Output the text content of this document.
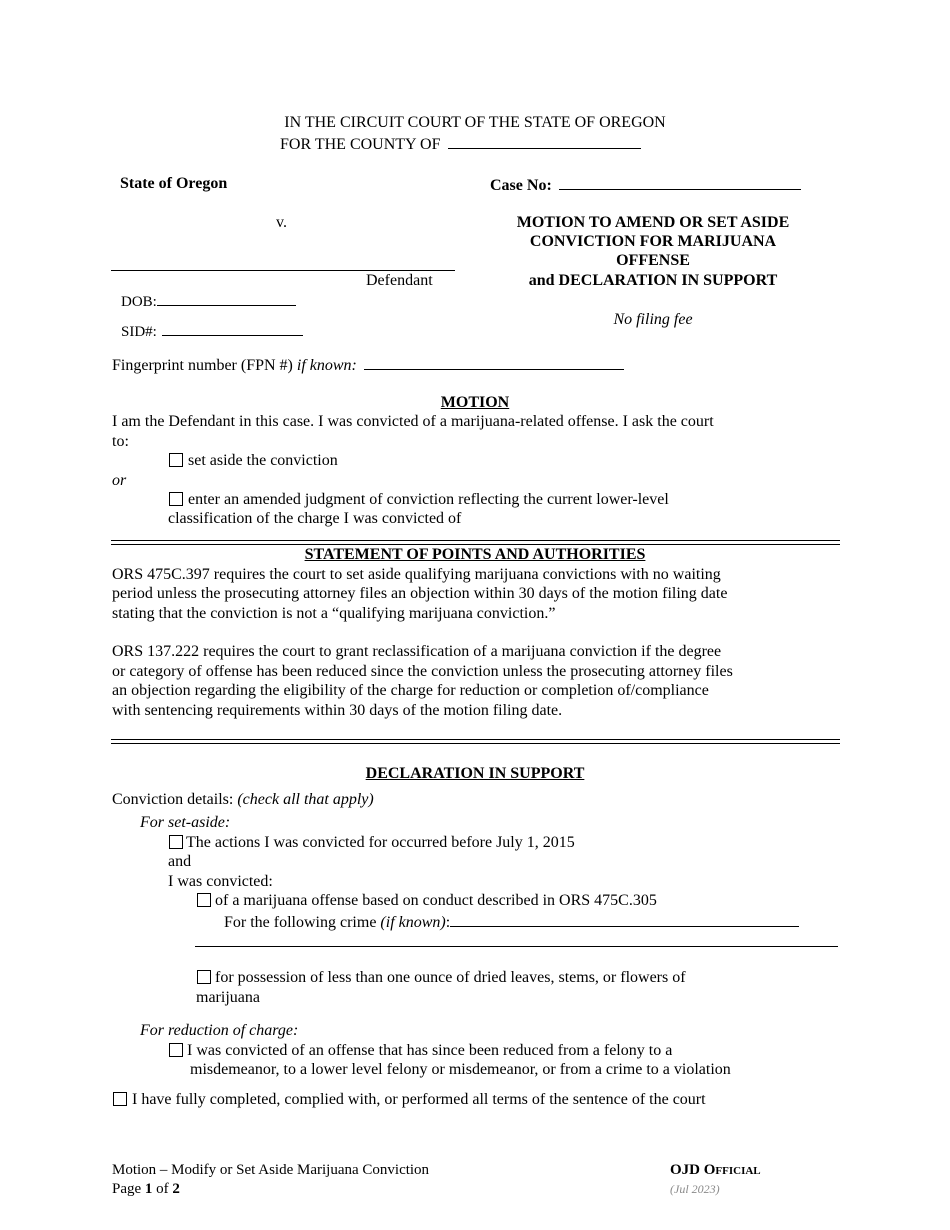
IN THE CIRCUIT COURT OF THE STATE OF OREGON
FOR THE COUNTY OF
State of Oregon
v.
Defendant
DOB:
SID#:
Case No:
MOTION TO AMEND OR SET ASIDE
CONVICTION FOR MARIJUANA
OFFENSE
and DECLARATION IN SUPPORT
No filing fee
Fingerprint number (FPN #) if known:
MOTION
I am the Defendant in this case. I was convicted of a marijuana-related offense. I ask the court
to:
set aside the conviction
or
enter an amended judgment of conviction reflecting the current lower-level
classification of the charge I was convicted of
STATEMENT OF POINTS AND AUTHORITIES
ORS 475C.397 requires the court to set aside qualifying marijuana convictions with no waiting
period unless the prosecuting attorney files an objection within 30 days of the motion filing date
stating that the conviction is not a “qualifying marijuana conviction.”
ORS 137.222 requires the court to grant reclassification of a marijuana conviction if the degree
or category of offense has been reduced since the conviction unless the prosecuting attorney files
an objection regarding the eligibility of the charge for reduction or completion of/compliance
with sentencing requirements within 30 days of the motion filing date.
DECLARATION IN SUPPORT
Conviction details: (check all that apply)
For set-aside:
The actions I was convicted for occurred before July 1, 2015
and
I was convicted:
of a marijuana offense based on conduct described in ORS 475C.305
For the following crime (if known):
for possession of less than one ounce of dried leaves, stems, or flowers of
marijuana
For reduction of charge:
I was convicted of an offense that has since been reduced from a felony to a
misdemeanor, to a lower level felony or misdemeanor, or from a crime to a violation
I have fully completed, complied with, or performed all terms of the sentence of the court
Motion – Modify or Set Aside Marijuana Conviction
Page 1 of 2
OJD Official
(Jul 2023)
